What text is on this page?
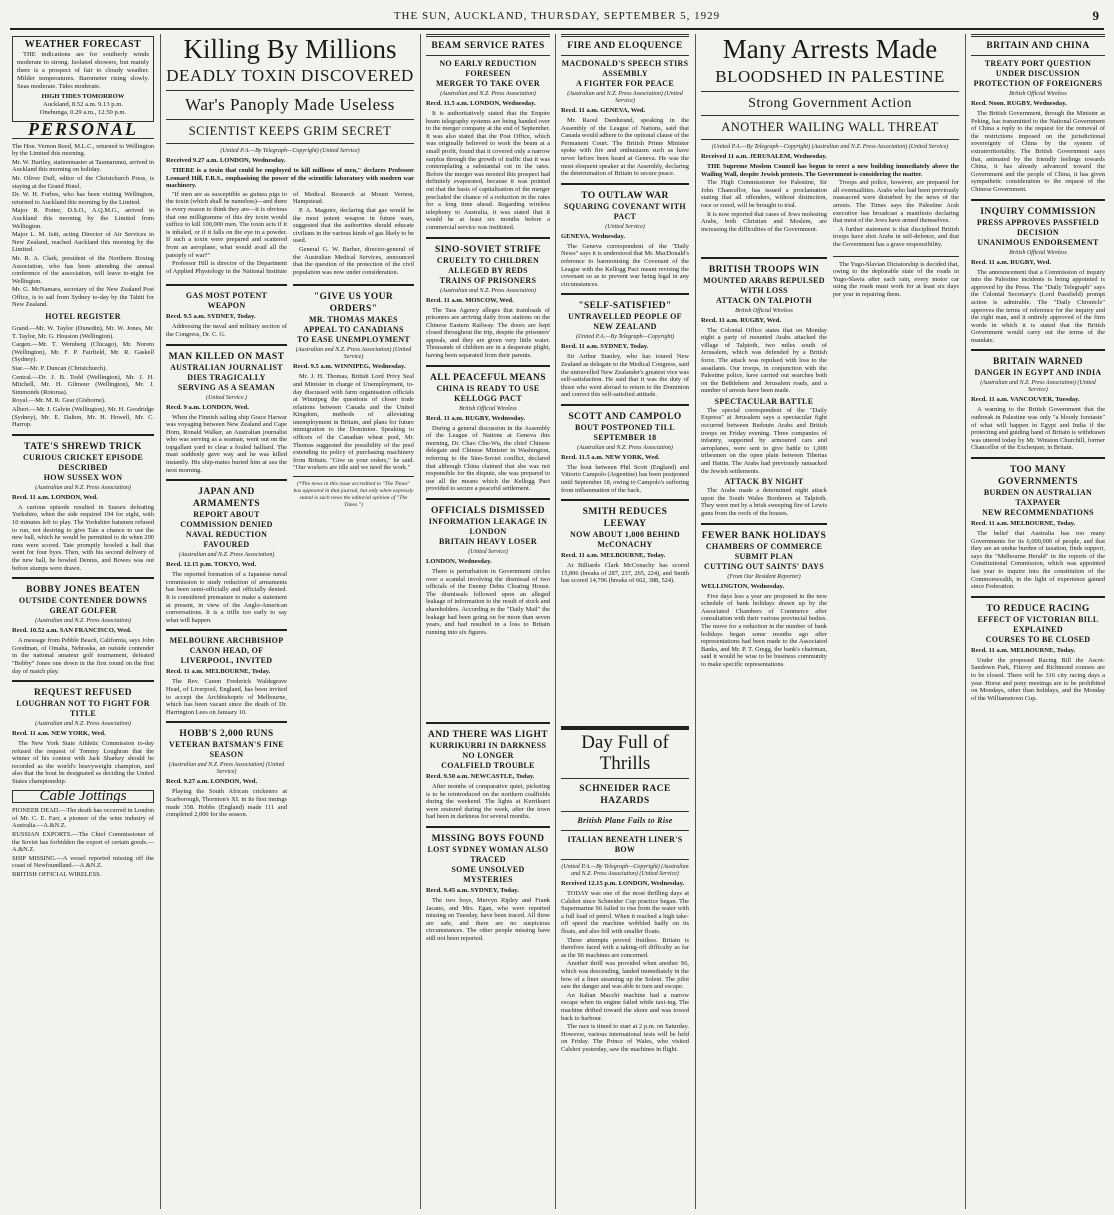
THE SUN, AUCKLAND, THURSDAY, SEPTEMBER 5, 1929	9
WEATHER FORECAST

THE indications are for southerly winds moderate to strong. Isolated showers, but mainly there is a prospect of fair to cloudy weather. Milder temperatures. Barometer rising slowly. Seas moderate. Tides moderate.

HIGH TIDES TOMORROW
Auckland, 8.52 a.m. 9.13 p.m.
Onehunga, 0.29 a.m., 12.50 p.m.
PERSONAL

The Hon. Vernon Reed, M.L.C., returned to Wellington by the Limited this morning.

Mr. W. Hartley, stationmaster at Taumarunui, arrived in Auckland this morning on holiday.

Mr. Oliver Duff, editor of the Christchurch Press, is staying at the Grand Hotel.

Dr. W. H. Forbes, who has been visiting Wellington, returned to Auckland this morning by the Limited.

Major R. Potter, D.S.O., A.Q.M.G., arrived in Auckland this morning by the Limited from Wellington.

Major L. M. Isitt, acting Director of Air Services in New Zealand, reached Auckland this morning by the Limited.

Mr. R. A. Clark, president of the Northern Boxing Association, who has been attending the annual conference of the association, will leave to-night for Wellington.

Mr. G. McNamara, secretary of the New Zealand Post Office, is to sail from Sydney to-day by the Tahiti for New Zealand.

HOTEL REGISTER

Grand.—Mr. W. Taylor (Dunedin), Mr. W. Jones, Mr. T. Taylor, Mr. G. Houston (Wellington).

Cargen.—Mr. T. Wemberg (Chicago), Mr. Norem (Wellington), Mr. F. P. Fairfield, Mr. R. Gaskell (Sydney).

Star.—Mr. P. Duncan (Christchurch).

Central.—Dr. J. B. Todd (Wellington), Mr. J. H. Mitchell, Mr. H. Gilmour (Wellington), Mr. J. Simmonds (Rotorua).

Royal.—Mr. M. R. Gear (Gisborne).

Albert.—Mr. J. Galvin (Wellington), Mr. H. Goodridge (Sydney), Mr. E. Dalton, Mr. H. Howell, Mr. C. Harrop.

TATE'S SHREWD TRICK
CURIOUS CRICKET EPISODE DESCRIBED
HOW SUSSEX WON
(Australian and N.Z. Press Association)
Recd. 11 a.m. LONDON, Wed.

A curious episode resulted in Sussex defeating Yorkshire, when the side required 194 for eight, with 10 minutes left to play. The Yorkshire batsmen refused to run, not desiring to give Tate a chance to use the new ball, which he would be permitted to do when 200 runs were scored. Tate promptly bowled a ball that went for four byes. Then, with his second delivery of the new ball, he bowled Dennis, and Bowes was out before stumps were drawn.

BOBBY JONES BEATEN
OUTSIDE CONTENDER DOWNS GREAT GOLFER
(Australian and N.Z. Press Association)
Recd. 10.52 a.m. SAN FRANCISCO, Wed.

A message from Pebble Beach, California, says John Goodman, of Omaha, Nebraska, an outside contender in the national amateur golf tournament, defeated "Bobby" Jones one down in the first round on the first day of match play.

REQUEST REFUSED
LOUGHRAN NOT TO FIGHT FOR TITLE
(Australian and N.Z. Press Association)
Recd. 11 a.m. NEW YORK, Wed.

The New York State Athletic Commission to-day refused the request of Tommy Loughran that the winner of his contest with Jack Sharkey should be recorded as the world's heavyweight champion, and also that the bout be designated as deciding the United States championship.

Cable Jottings

PIONEER DEAD.—The death has occurred in London of Mr. C. E. Farr, a pioneer of the wine industry of Australia.—A.&N.Z.

RUSSIAN EXPORTS.—The Chief Commissioner of the Soviet has forbidden the export of certain goods.—A.&N.Z.

SHIP MISSING.—A vessel reported missing off the coast of Newfoundland.—A.&N.Z.

BRITISH OFFICIAL WIRELESS.

Killing By Millions
DEADLY TOXIN DISCOVERED
War's Panoply Made Useless
SCIENTIST KEEPS GRIM SECRET
(United P.A.—By Telegraph—Copyright) (United Service)
Received 9.27 a.m. LONDON, Wednesday.

THERE is a toxin that could be employed to kill millions of men," declares Professor Leonard Hill, F.R.S., emphasising the power of the scientific laboratory with modern war machinery.

"If men are as susceptible as guinea pigs to the toxin (which shall be nameless)—and there is every reason to think they are—it is obvious that one milligramme of this dry toxin would suffice to kill 100,000 men. The toxin acts if it is inhaled, or if it falls on the eye in a powder. If such a toxin were prepared and scattered from an aeroplane, what would avail all the panoply of war?"

Professor Hill is director of the Department of Applied Physiology in the National Institute of Medical Research at Mount Vernon, Hampstead.

P. A. Maguire, declaring that gas would be the most potent weapon in future wars, suggested that the authorities should educate civilians in the various kinds of gas likely to be used.

General G. W. Barber, director-general of the Australian Medical Services, announced that the question of the protection of the civil population was now under consideration.

GAS MOST POTENT WEAPON
Recd. 9.5 a.m. SYDNEY, Today.

Addressing the naval and military section of the Congress, Dr. C. G.

MAN KILLED ON MAST
AUSTRALIAN JOURNALIST DIES TRAGICALLY
SERVING AS A SEAMAN
(United Service.)
Recd. 9 a.m. LONDON, Wed.

When the Finnish sailing ship Grace Harwar was voyaging between New Zealand and Cape Horn, Ronald Walker, an Australian journalist who was serving as a seaman, went out on the topgallant yard to clear a fouled halliard. The mast suddenly gave way and he was killed instantly. His ship-mates buried him at sea the next morning.

JAPAN AND ARMAMENTS
REPORT ABOUT COMMISSION DENIED
NAVAL REDUCTION FAVOURED
(Australian and N.Z. Press Association)
Recd. 12.15 p.m. TOKYO, Wed.

The reported formation of a Japanese naval commission to study reduction of armaments has been semi-officially and officially denied. It is considered premature to make a statement at present, in view of the Anglo-American conversations. It is a trifle too early to say what will happen.

MELBOURNE ARCHBISHOP
CANON HEAD, OF LIVERPOOL, INVITED
Recd. 11 a.m. MELBOURNE, Today.

The Rev. Canon Frederick Waldegrave Head, of Liverpool, England, has been invited to accept the Archbishopric of Melbourne, which has been vacant since the death of Dr. Harrington Lees on January 10.

HOBB'S 2,000 RUNS
VETERAN BATSMAN'S FINE SEASON
(Australian and N.Z. Press Association) (United Service)
Recd. 9.27 a.m. LONDON, Wed.

Playing the South African cricketers at Scarborough, Thornton's XI. in its first innings made 358. Hobbs (England) made 111 and completed 2,000 for the season.

"GIVE US YOUR ORDERS"
MR. THOMAS MAKES APPEAL TO CANADIANS
TO EASE UNEMPLOYMENT
(Australian and N.Z. Press Association) (United Service)
Recd. 9.5 a.m. WINNIPEG, Wednesday.

Mr. J. H. Thomas, British Lord Privy Seal and Minister in charge of Unemployment, to-day discussed with farm organisation officials at Winnipeg the questions of closer trade relations between Canada and the United Kingdom, methods of alleviating unemployment in Britain, and plans for future immigration to the Dominion. Speaking to officers of the Canadian wheat pool, Mr. Thomas suggested the possibility of the pool extending its policy of purchasing machinery from Britain. "Give us your orders," he said. "Our workers are idle and we need the work."

(*The news in this issue accredited to "The Times" has appeared in that journal, but only when expressly stated is such news the editorial opinion of "The Times.")
BEAM SERVICE RATES
NO EARLY REDUCTION FORESEEN
MERGER TO TAKE OVER
(Australian and N.Z. Press Association)
Recd. 11.5 a.m. LONDON, Wednesday.

It is authoritatively stated that the Empire beam telegraphy systems are being handed over to the merger company at the end of September. It was also stated that the Post Office, which was originally believed to work the beam at a small profit, found that it covered only a narrow surplus through the growth of traffic that it was contemplating a substantial cut in the rates. Before the merger was mooted this prospect had definitely evaporated, because it was pointed out that the basis of capitalisation of the merger precluded the chance of a reduction in the rates for a long time ahead. Regarding wireless telephony to Australia, it was stated that it would be at least six months before a commercial service was instituted.

SINO-SOVIET STRIFE
CRUELTY TO CHILDREN ALLEGED BY REDS
TRAINS OF PRISONERS
(Australian and N.Z. Press Association)
Recd. 11 a.m. MOSCOW, Wed.

The Tass Agency alleges that trainloads of prisoners are arriving daily from stations on the Chinese Eastern Railway. The doors are kept closed throughout the trip, despite the prisoners' appeals, and they are given very little water. Thousands of children are in a desperate plight, having been separated from their parents.

ALL PEACEFUL MEANS
CHINA IS READY TO USE KELLOGG PACT
British Official Wireless
Recd. 11 a.m. RUGBY, Wednesday.

During a general discussion in the Assembly of the League of Nations at Geneva this morning, Dr. Chao Chu-Wu, the chief Chinese delegate and Chinese Minister in Washington, referring to the Sino-Soviet conflict, declared that although China claimed that she was not responsible for the dispute, she was prepared to use all the means which the Kellogg Pact provided to secure a peaceful settlement.

OFFICIALS DISMISSED
INFORMATION LEAKAGE IN LONDON
BRITAIN HEAVY LOSER
(United Service)
LONDON, Wednesday.

There is perturbation in Government circles over a scandal involving the dismissal of two officials of the Enemy Debts Clearing House. The dismissals followed upon an alleged leakage of information to the result of stock and shareholders. According to the "Daily Mail" the leakage had been going on for more than seven years, and had resulted in a loss to Britain running into six figures.

AND THERE WAS LIGHT
KURRIKURRI IN DARKNESS NO LONGER
COALFIELD TROUBLE
Recd. 9.50 a.m. NEWCASTLE, Today.

After months of comparative quiet, picketing is to be reintroduced on the northern coalfields during the weekend. The lights at Kurrikurri were restored during the week, after the town had been in darkness for several months.

MISSING BOYS FOUND
LOST SYDNEY WOMAN ALSO TRACED
SOME UNSOLVED MYSTERIES
Recd. 9.45 a.m. SYDNEY, Today.

The two boys, Mervyn Ripley and Frank Jacano, and Mrs. Egan, who were reported missing on Tuesday, have been traced. All three are safe, and there are no suspicious circumstances. The other people missing have still not been reported.

FIRE AND ELOQUENCE
MACDONALD'S SPEECH STIRS ASSEMBLY
A FIGHTER FOR PEACE
(Australian and N.Z. Press Association) (United Service)
Recd. 11 a.m. GENEVA, Wed.

Mr. Raoul Dandurand, speaking in the Assembly of the League of Nations, said that Canada would adhere to the optional clause of the Permanent Court. The British Prime Minister spoke with fire and enthusiasm such as have never before been heard at Geneva. He was the most eloquent speaker at the Assembly, declaring the determination of Britain to secure peace.

TO OUTLAW WAR
SQUARING COVENANT WITH PACT
(United Service)
GENEVA, Wednesday.

The Geneva correspondent of the "Daily News" says it is understood that Mr. MacDonald's reference to harmonising the Covenant of the League with the Kellogg Pact meant revising the covenant so as to prevent war being legal in any circumstances.

"SELF-SATISFIED"
UNTRAVELLED PEOPLE OF NEW ZEALAND
(United P.A.—By Telegraph—Copyright)
Recd. 11 a.m. SYDNEY, Today.

Sir Arthur Stanley, who has toured New Zealand as delegate to the Medical Congress, said the untravelled New Zealander's greatest vice was self-satisfaction. He said that it was the duty of those who went abroad to return to the Dominion and correct this self-satisfied attitude.

SCOTT AND CAMPOLO
BOUT POSTPONED TILL SEPTEMBER 18
(Australian and N.Z. Press Association)
Recd. 11.5 a.m. NEW YORK, Wed.

The bout between Phil Scott (England) and Vittorio Campolo (Argentine) has been postponed until September 18, owing to Campolo's suffering from inflammation of the back.

SMITH REDUCES LEEWAY
NOW ABOUT 1,000 BEHIND McCONACHY
Recd. 11 a.m. MELBOURNE, Today.

At Billiards Clark McConachy has scored 15,896 (breaks of 287, 237, 265, 224), and Smith has scored 14,796 (breaks of 662, 388, 524).

Day Full of Thrills
SCHNEIDER RACE HAZARDS
British Plane Fails to Rise
ITALIAN BENEATH LINER'S BOW
(United P.A.—By Telegraph—Copyright) (Australian and N.Z. Press Association) (United Service)
Received 12.15 p.m. LONDON, Wednesday.

TODAY was one of the most thrilling days at Calshot since Schneider Cup practice began. The Supermarine S6 failed to rise from the water with a full load of petrol. When it reached a high take-off speed the machine wobbled badly on its floats, and also fell with smaller floats.

Three attempts proved fruitless. Britain is therefore faced with a taking-off difficulty as far as the S6 machines are concerned.

Another thrill was provided when another S6, which was descending, landed immediately in the bow of a liner steaming up the Solent. The pilot saw the danger and was able to turn and escape.

An Italian Macchi machine had a narrow escape when its engine failed while taxi-ing. The machine drifted toward the shore and was towed back to harbour.

The race is timed to start at 2 p.m. on Saturday. However, various international tests will be held on Friday. The Prince of Wales, who visited Calshot yesterday, saw the machines in flight.

Many Arrests Made
BLOODSHED IN PALESTINE
Strong Government Action
ANOTHER WAILING WALL THREAT
(United P.A.—By Telegraph—Copyright) (Australian and N.Z. Press Association) (United Service)
Received 11 a.m. JERUSALEM, Wednesday.

THE Supreme Moslem Council has begun to erect a new building immediately above the Wailing Wall, despite Jewish protests. The Government is considering the matter.

The High Commissioner for Palestine, Sir John Chancellor, has issued a proclamation stating that all offenders, without distinction, race or creed, will be brought to trial.

It is now reported that cases of Jews molesting Arabs, both Christian and Moslem, are increasing the difficulties of the Government.

Troops and police, however, are prepared for all eventualities. Arabs who had been previously massacred were disturbed by the news of the arrests. The Times says the Palestine Arab executive has broadcast a manifesto declaring that most of the Jews have armed themselves.

A further statement is that disciplined British troops have shot Arabs in self-defence, and that the Government has a grave responsibility.

BRITISH TROOPS WIN
MOUNTED ARABS REPULSED WITH LOSS
ATTACK ON TALPIOTH
British Official Wireless
Recd. 11 a.m. RUGBY, Wed.

The Colonial Office states that on Monday night a party of mounted Arabs attacked the village of Talpioth, two miles south of Jerusalem, which was defended by a British force. The attack was repulsed with loss to the assailants. Our troops, in conjunction with the Palestine police, have carried out searches both on the Bethlehem and Jerusalem roads, and a number of arrests have been made.

SPECTACULAR BATTLE

The special correspondent of the "Daily Express" at Jerusalem says a spectacular fight occurred between Bedouin Arabs and British troops on Friday evening. Three companies of infantry, supported by armoured cars and aeroplanes, were sent to give battle to 1,000 tribesmen on the open plain between Tiberias and Hattin. The Arabs had previously ransacked the Jewish settlements.

ATTACK BY NIGHT

The Arabs made a determined night attack upon the South Wales Borderers at Talpioth. They were met by a brisk sweeping fire of Lewis guns from the roofs of the houses.

FEWER BANK HOLIDAYS
CHAMBERS OF COMMERCE SUBMIT PLAN
CUTTING OUT SAINTS' DAYS
(From Our Resident Reporter)
WELLINGTON, Wednesday.

Five days less a year are proposed in the new schedule of bank holidays drawn up by the Associated Chambers of Commerce after consultation with their various provincial bodies. The move for a reduction in the number of bank holidays began some months ago after representations had been made to the Associated Banks, and Mr. P. T. Gregg, the bank's chairman, said it would be wise to be business community to make specific representations.

The Yugo-Slavian Dictatorship is decided that, owing to the deplorable state of the roads in Yugo-Slavia after each rain, every motor car using the roads must work for at least six days per year in repairing them.

BRITAIN AND CHINA
TREATY PORT QUESTION UNDER DISCUSSION
PROTECTION OF FOREIGNERS
British Official Wireless
Recd. Noon. RUGBY, Wednesday.

The British Government, through the Minister at Peking, has transmitted to the National Government of China a reply to the request for the removal of the restrictions imposed on the jurisdictional sovereignty of China by the system of extraterritoriality. The British Government says that, animated by the friendly feelings towards China, it has already advanced toward the Government and the people of China, it has given sympathetic consideration to the request of the Chinese Government.

INQUIRY COMMISSION
PRESS APPROVES PASSFIELD DECISION
UNANIMOUS ENDORSEMENT
British Official Wireless
Recd. 11 a.m. RUGBY, Wed.

The announcement that a Commission of inquiry into the Palestine incidents is being appointed is approved by the Press. The "Daily Telegraph" says the Colonial Secretary's (Lord Passfield) prompt action is admirable. The "Daily Chronicle" approves the terms of reference for the inquiry and the right man, and it entirely approved of the firm words in which it is stated that the British Government would carry out the terms of the mandate.

BRITAIN WARNED
DANGER IN EGYPT AND INDIA
(Australian and N.Z. Press Association) (United Service)
Recd. 11 a.m. VANCOUVER, Tuesday.

A warning to the British Government that the outbreak in Palestine was only "a bloody foretaste" of what will happen in Egypt and India if the protecting and guiding hand of Britain is withdrawn was uttered today by Mr. Winston Churchill, former Chancellor of the Exchequer, in Britain.

TOO MANY GOVERNMENTS
BURDEN ON AUSTRALIAN TAXPAYER
NEW RECOMMENDATIONS
Recd. 11 a.m. MELBOURNE, Today.

The belief that Australia has too many Governments for its 6,000,000 of people, and that they are an undue burden of taxation, finds support, says the "Melbourne Herald" in the reports of the Constitutional Commission, which was appointed last year to inquire into the constitution of the Commonwealth, in the light of experience gained since Federation.

TO REDUCE RACING
EFFECT OF VICTORIAN BILL EXPLAINED
COURSES TO BE CLOSED
Recd. 11 a.m. MELBOURNE, Today.

Under the proposed Racing Bill the Ascot-Sandown Park, Fitzroy and Richmond courses are to be closed. There will be 316 city racing days a year. Horse and pony meetings are to be prohibited on Mondays, other than holidays, and the Monday of the Williamstown Cup.
